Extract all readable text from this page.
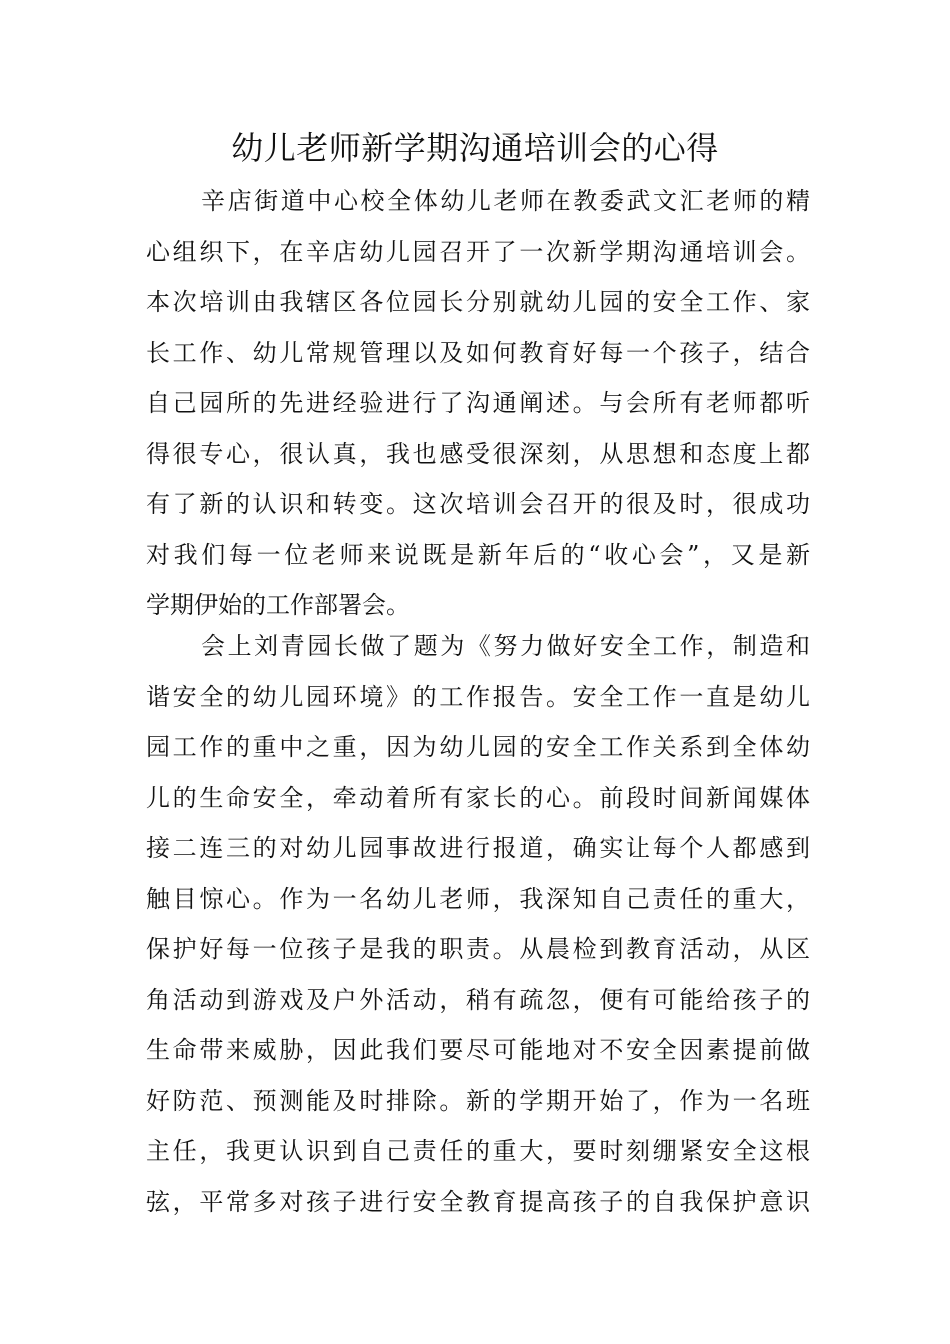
幼儿老师新学期沟通培训会的心得
辛店街道中心校全体幼儿老师在教委武文汇老师的精
心组织下，在辛店幼儿园召开了一次新学期沟通培训会。
本次培训由我辖区各位园长分别就幼儿园的安全工作、家
长工作、幼儿常规管理以及如何教育好每一个孩子，结合
自己园所的先进经验进行了沟通阐述。与会所有老师都听
得很专心，很认真，我也感受很深刻，从思想和态度上都
有了新的认识和转变。这次培训会召开的很及时，很成功
对我们每一位老师来说既是新年后的“收心会”，又是新
学期伊始的工作部署会。
会上刘青园长做了题为《努力做好安全工作，制造和
谐安全的幼儿园环境》的工作报告。安全工作一直是幼儿
园工作的重中之重，因为幼儿园的安全工作关系到全体幼
儿的生命安全，牵动着所有家长的心。前段时间新闻媒体
接二连三的对幼儿园事故进行报道，确实让每个人都感到
触目惊心。作为一名幼儿老师，我深知自己责任的重大，
保护好每一位孩子是我的职责。从晨检到教育活动，从区
角活动到游戏及户外活动，稍有疏忽，便有可能给孩子的
生命带来威胁，因此我们要尽可能地对不安全因素提前做
好防范、预测能及时排除。新的学期开始了，作为一名班
主任，我更认识到自己责任的重大，要时刻绷紧安全这根
弦，平常多对孩子进行安全教育提高孩子的自我保护意识
